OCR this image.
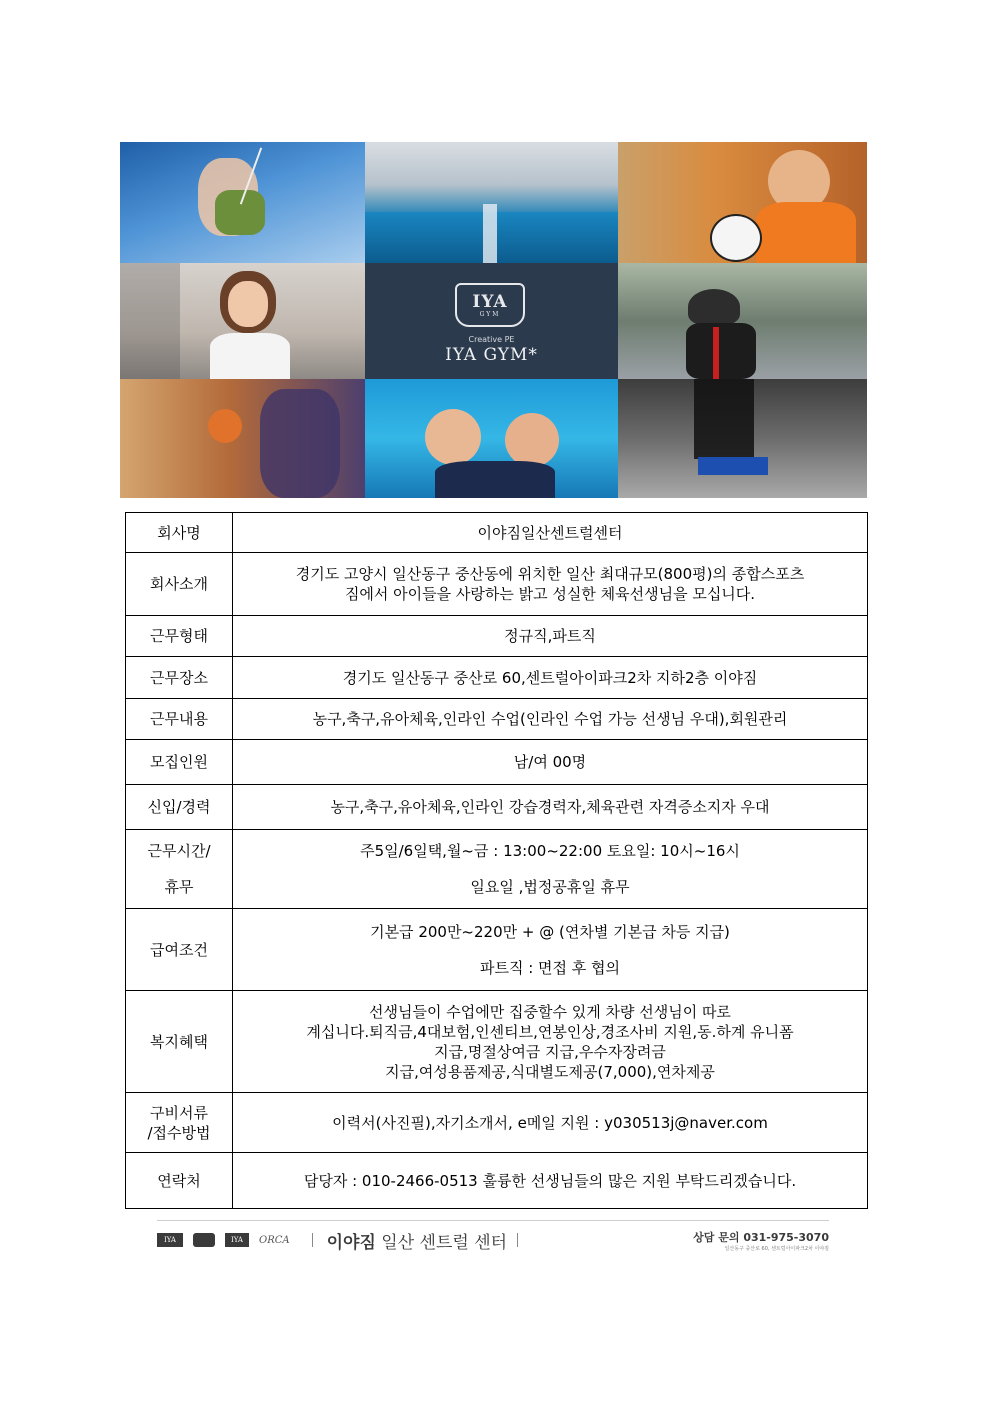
IYA
GYM
Creative PE
IYA GYM*
회사명	이야짐일산센트럴센터
회사소개	경기도 고양시 일산동구 중산동에 위치한 일산 최대규모(800평)의 종합스포츠
짐에서 아이들을 사랑하는 밝고 성실한 체육선생님을 모십니다.

근무형태	정규직,파트직
근무장소	경기도 일산동구 중산로 60,센트럴아이파크2차 지하2층 이야짐
근무내용	농구,축구,유아체육,인라인 수업(인라인 수업 가능 선생님 우대),회원관리
모집인원	남/여 00명
신입/경력	농구,축구,유아체육,인라인 강습경력자,체육관련 자격증소지자 우대

근무시간/
휴무	주5일/6일택,월~금 : 13:00~22:00 토요일: 10시~16시
일요일 ,법정공휴일 휴무

급여조건	기본급 200만~220만 + @ (연차별 기본급 차등 지급)
파트직 : 면접 후 협의

복지혜택	선생님들이 수업에만 집중할수 있게 차량 선생님이 따로
계십니다.퇴직금,4대보험,인센티브,연봉인상,경조사비 지원,동.하계 유니폼
지급,명절상여금 지급,우수자장려금
지급,여성용품제공,식대별도제공(7,000),연차제공

구비서류
/접수방법	이력서(사진필),자기소개서, e메일 지원 : y030513j@naver.com
연락처	담당자 : 010-2466-0513 훌륭한 선생님들의 많은 지원 부탁드리겠습니다.
IYA	IYA	ORCA 이야짐 일산 센트럴 센터	상담 문의 031-975-3070
일산동구 중산로 60, 센트럴아이파크2차 이야짐
